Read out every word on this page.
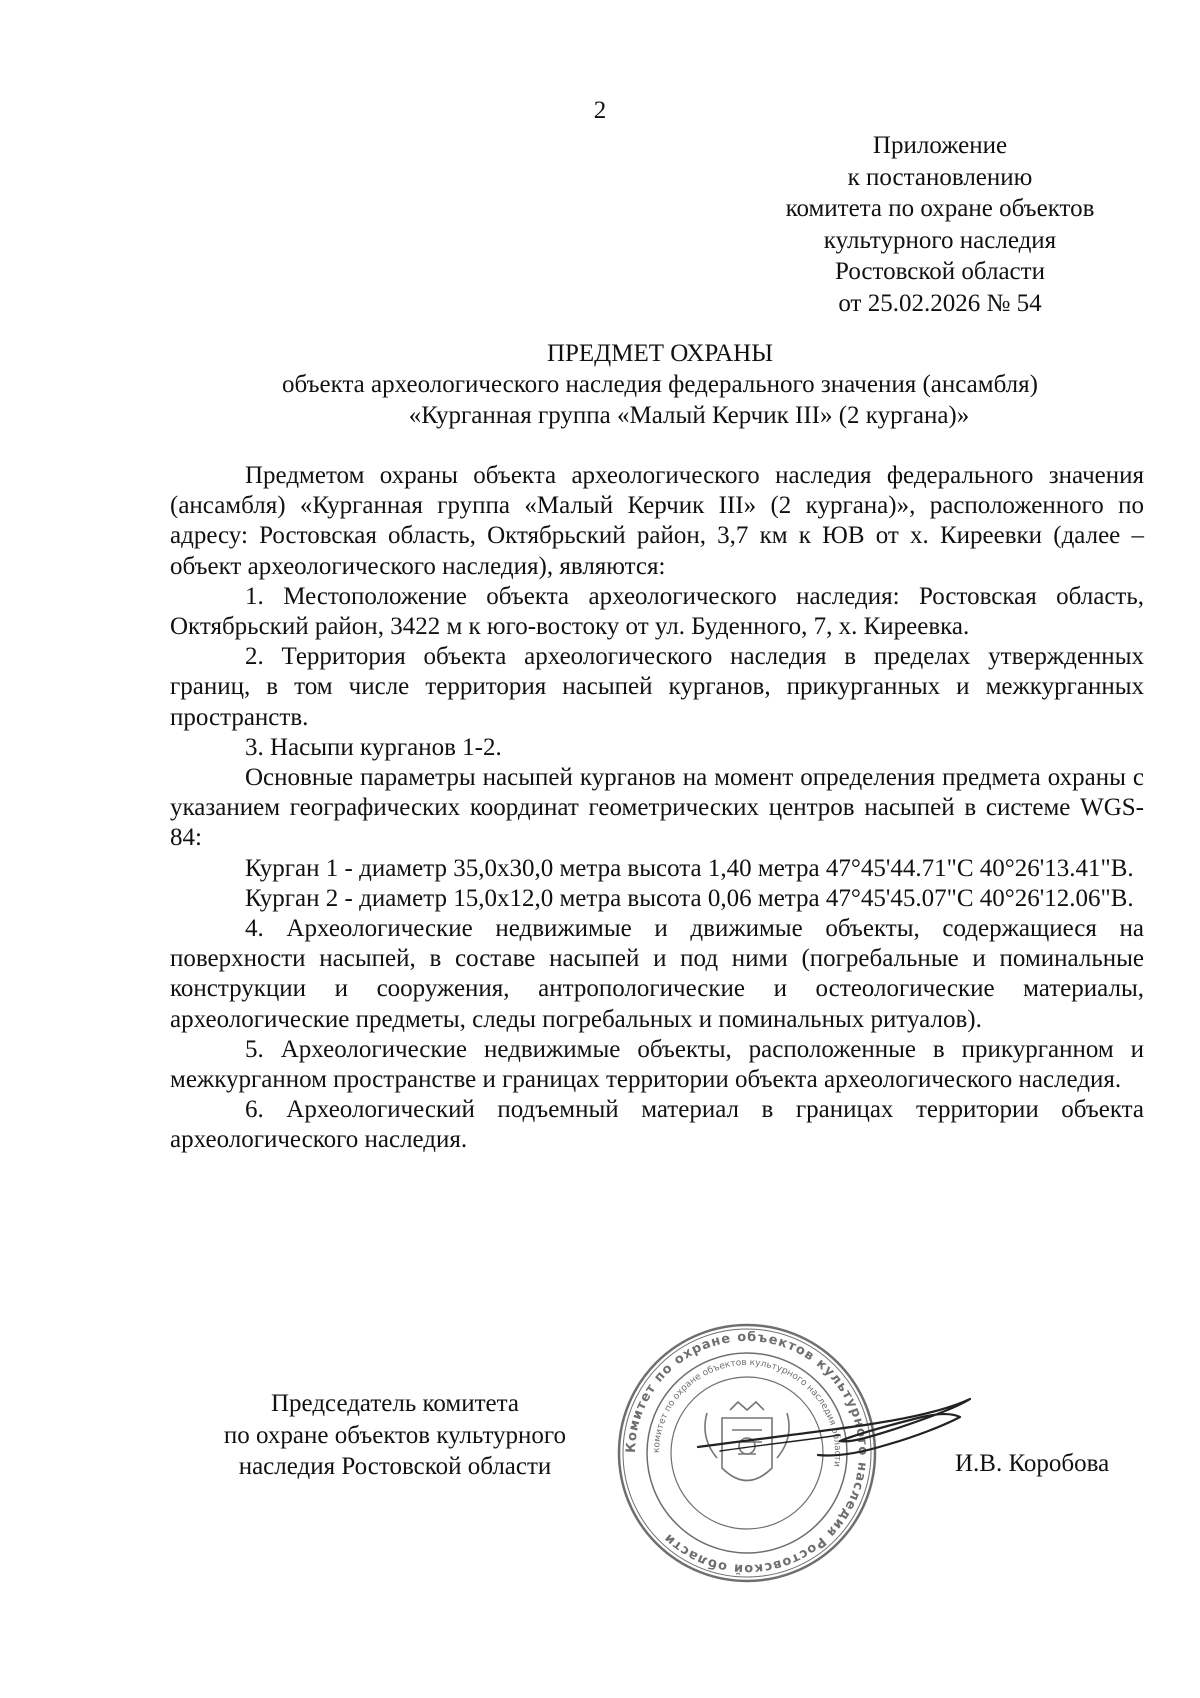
2
Приложение
к постановлению
комитета по охране объектов
культурного наследия
Ростовской области
от 25.02.2026 № 54
ПРЕДМЕТ ОХРАНЫ
объекта археологического наследия федерального значения (ансамбля)
«Курганная группа «Малый Керчик III» (2 кургана)»

Предметом охраны объекта археологического наследия федерального значения (ансамбля) «Курганная группа «Малый Керчик III» (2 кургана)», расположенного по адресу: Ростовская область, Октябрьский район, 3,7 км к ЮВ от х. Киреевки (далее – объект археологического наследия), являются:

1. Местоположение объекта археологического наследия: Ростовская область, Октябрьский район, 3422 м к юго-востоку от ул. Буденного, 7, х. Киреевка.

2. Территория объекта археологического наследия в пределах утвержденных границ, в том числе территория насыпей курганов, прикурганных и межкурганных пространств.

3. Насыпи курганов 1-2.

Основные параметры насыпей курганов на момент определения предмета охраны с указанием географических координат геометрических центров насыпей в системе WGS-84:

Курган 1 - диаметр 35,0х30,0 метра высота 1,40 метра 47°45'44.71"С 40°26'13.41"В.

Курган 2 - диаметр 15,0х12,0 метра высота 0,06 метра 47°45'45.07"С 40°26'12.06"В.

4. Археологические недвижимые и движимые объекты, содержащиеся на поверхности насыпей, в составе насыпей и под ними (погребальные и поминальные конструкции и сооружения, антропологические и остеологические материалы, археологические предметы, следы погребальных и поминальных ритуалов).

5. Археологические недвижимые объекты, расположенные в прикурганном и межкурганном пространстве и границах территории объекта археологического наследия.

6. Археологический подъемный материал в границах территории объекта археологического наследия.

Председатель комитета
по охране объектов культурного
наследия Ростовской области
Комитет по охране объектов культурного наследия Ростовской области
комитет по охране объектов культурного наследия области	И.В. Коробова
